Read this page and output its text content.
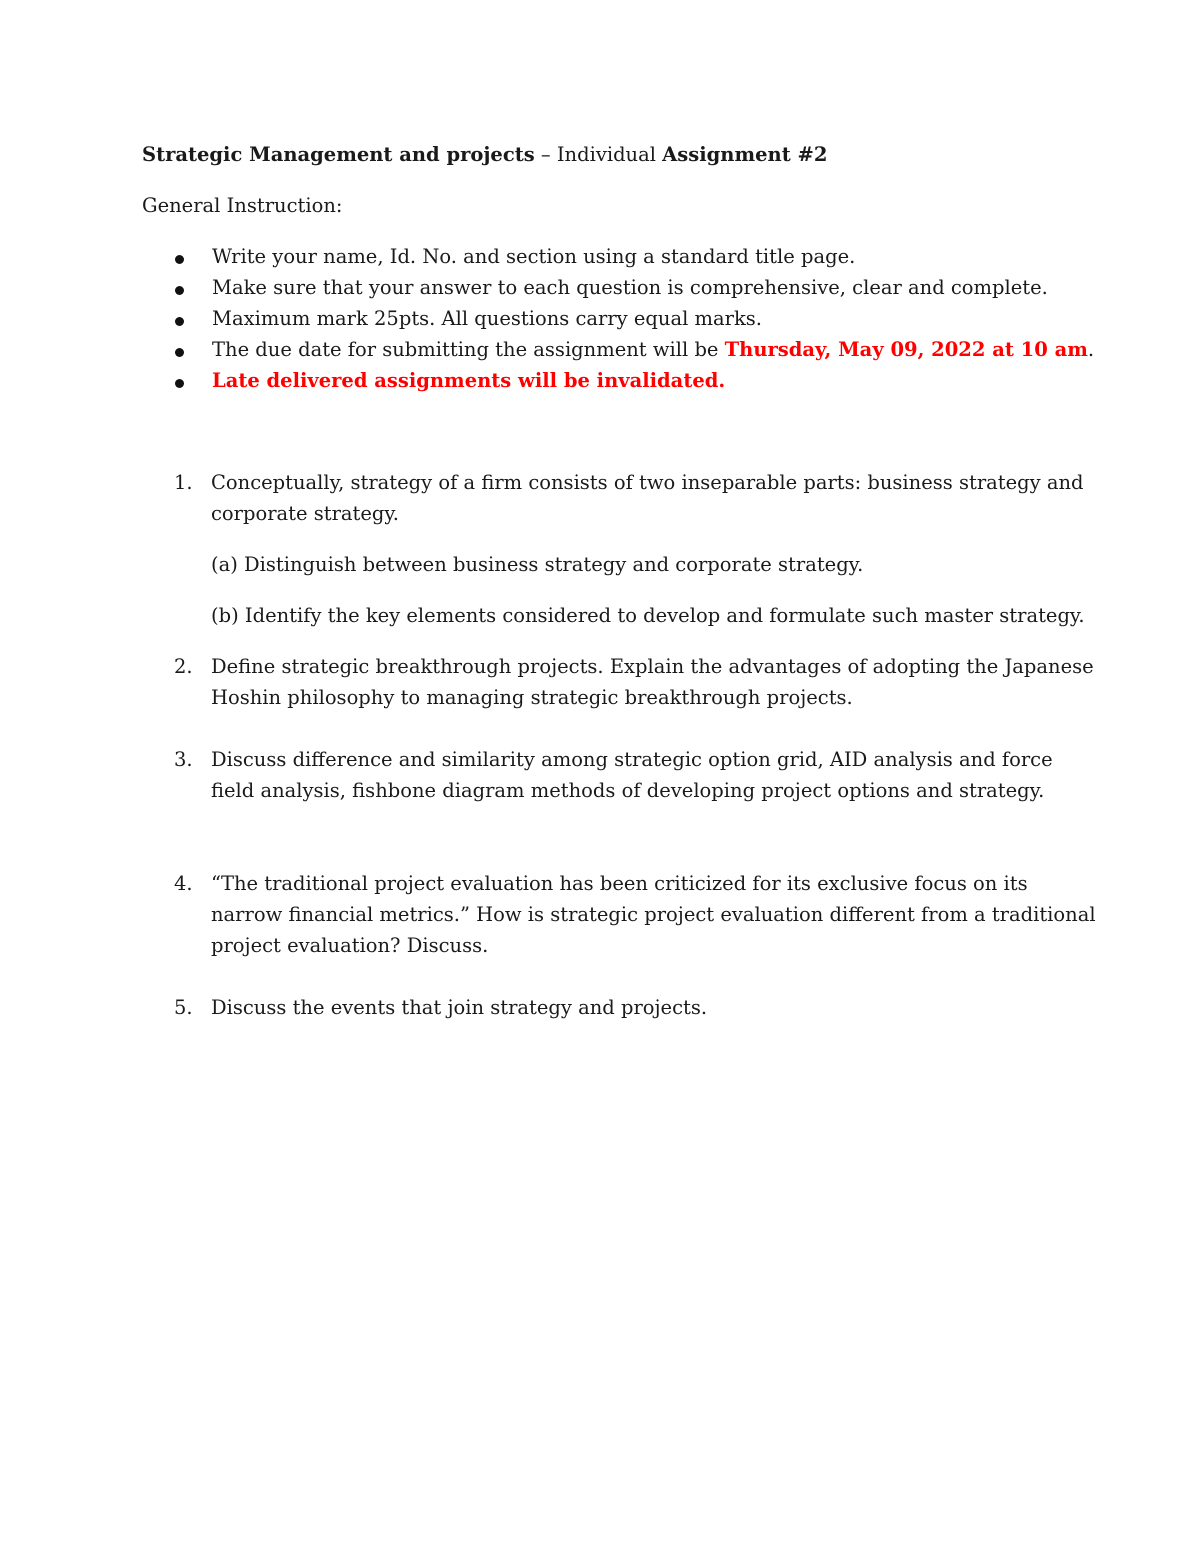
Strategic Management and projects – Individual Assignment #2
General Instruction:
Write your name, Id. No. and section using a standard title page.
Make sure that your answer to each question is comprehensive, clear and complete.
Maximum mark 25pts. All questions carry equal marks.
The due date for submitting the assignment will be Thursday, May 09, 2022 at 10 am.
Late delivered assignments will be invalidated.
1. Conceptually, strategy of a firm consists of two inseparable parts: business strategy and
corporate strategy.
(a) Distinguish between business strategy and corporate strategy.
(b) Identify the key elements considered to develop and formulate such master strategy.
2. Define strategic breakthrough projects. Explain the advantages of adopting the Japanese
Hoshin philosophy to managing strategic breakthrough projects.
3. Discuss difference and similarity among strategic option grid, AID analysis and force
field analysis, fishbone diagram methods of developing project options and strategy.
4. “The traditional project evaluation has been criticized for its exclusive focus on its
narrow financial metrics.” How is strategic project evaluation different from a traditional
project evaluation? Discuss.
5. Discuss the events that join strategy and projects.
